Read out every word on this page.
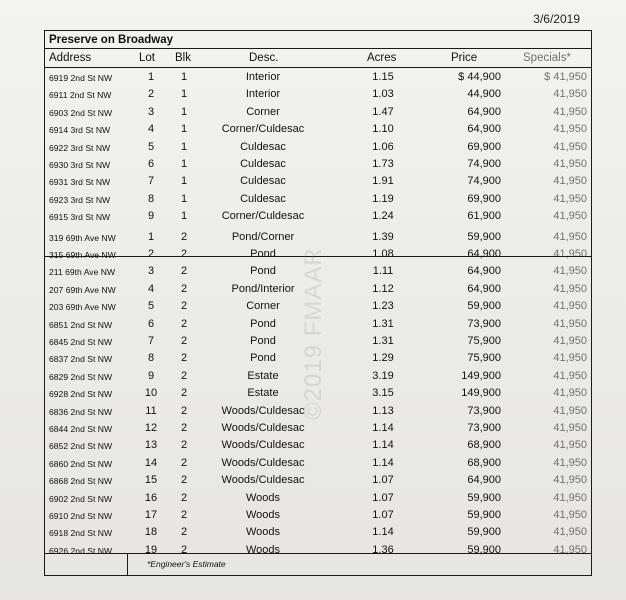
3/6/2019
Preserve on Broadway
Address	Lot Blk	Desc.	Acres	Price	Specials*
6919 2nd St NW	1	1	Interior	1.15	$ 44,900	$ 41,950
6911 2nd St NW	2	1	Interior	1.03	44,900	41,950
6903 2nd St NW	3	1	Corner	1.47	64,900	41,950
6914 3rd St NW	4	1	Corner/Culdesac	1.10	64,900	41,950
6922 3rd St NW	5	1	Culdesac	1.06	69,900	41,950
6930 3rd St NW	6	1	Culdesac	1.73	74,900	41,950
6931 3rd St NW	7	1	Culdesac	1.91	74,900	41,950
6923 3rd St NW	8	1	Culdesac	1.19	69,900	41,950
6915 3rd St NW	9	1	Corner/Culdesac	1.24	61,900	41,950
319 69th Ave NW	1	2	Pond/Corner	1.39	59,900	41,950
315 69th Ave NW	2	2	Pond	1.08	64,900	41,950
211 69th Ave NW	3	2	Pond	1.11	64,900	41,950
207 69th Ave NW	4	2	Pond/Interior	1.12	64,900	41,950
203 69th Ave NW	5	2	Corner	1.23	59,900	41,950
6851 2nd St NW	6	2	Pond	1.31	73,900	41,950
6845 2nd St NW	7	2	Pond	1.31	75,900	41,950
6837 2nd St NW	8	2	Pond	1.29	75,900	41,950
6829 2nd St NW	9	2	Estate	3.19	149,900	41,950
6928 2nd St NW	10	2	Estate	3.15	149,900	41,950
6836 2nd St NW	11	2	Woods/Culdesac	1.13	73,900	41,950
6844 2nd St NW	12	2	Woods/Culdesac	1.14	73,900	41,950
6852 2nd St NW	13	2	Woods/Culdesac	1.14	68,900	41,950
6860 2nd St NW	14	2	Woods/Culdesac	1.14	68,900	41,950
6868 2nd St NW	15	2	Woods/Culdesac	1.07	64,900	41,950
6902 2nd St NW	16	2	Woods	1.07	59,900	41,950
6910 2nd St NW	17	2	Woods	1.07	59,900	41,950
6918 2nd St NW	18	2	Woods	1.14	59,900	41,950
6926 2nd St NW	19	2	Woods	1.36	59,900	41,950
*Engineer's Estimate
©2019 FMAAR
